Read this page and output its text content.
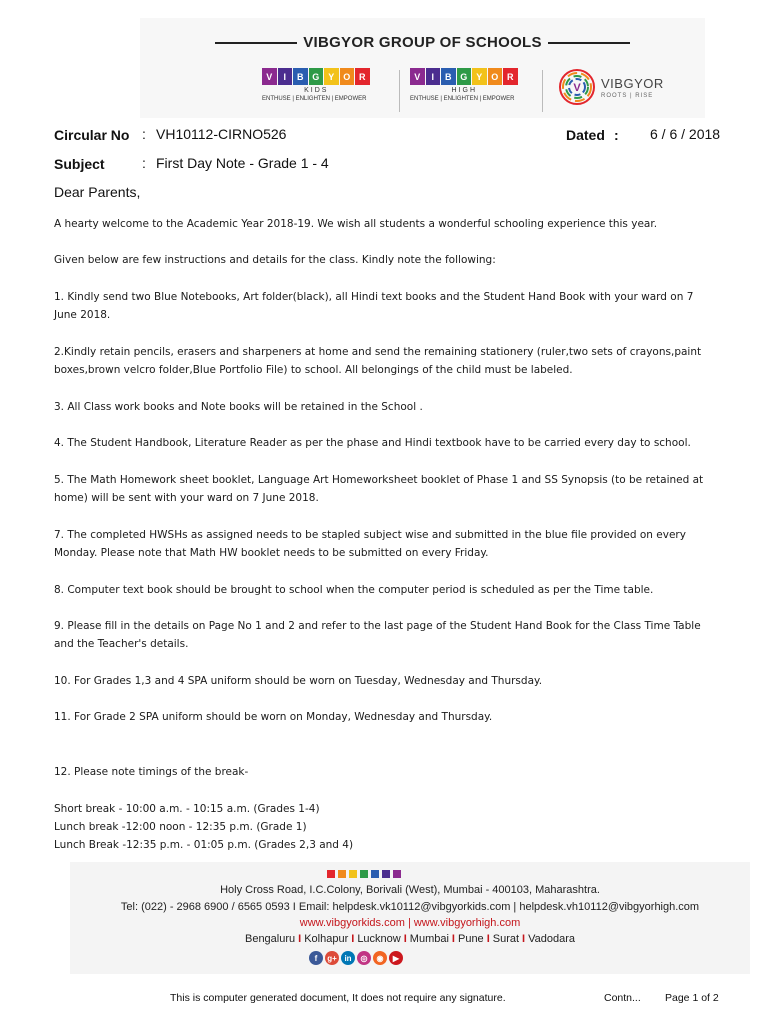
VIBGYOR GROUP OF SCHOOLS
V	I	B G Y O R
KIDS
ENTHUSE | ENLIGHTEN | EMPOWER
V	I	B G Y O R
HIGH
ENTHUSE | ENLIGHTEN | EMPOWER
V VIBGYOR
ROOTS | RISE
Circular No : VH10112-CIRNO526	Dated : 6 / 6 / 2018
Subject	: First Day Note - Grade 1 - 4
Dear Parents,

A hearty welcome to the Academic Year 2018-19. We wish all students a wonderful schooling experience this year.

Given below are few instructions and details for the class. Kindly note the following:

1. Kindly send two Blue Notebooks, Art folder(black), all Hindi text books and the Student Hand Book with your ward on 7 June 2018.

2.Kindly retain pencils, erasers and sharpeners at home and send the remaining stationery (ruler,two sets of crayons,paint boxes,brown velcro folder,Blue Portfolio File) to school. All belongings of the child must be labeled.

3. All Class work books and Note books will be retained in the School .

4. The Student Handbook, Literature Reader as per the phase and Hindi textbook have to be carried every day to school.

5. The Math Homework sheet booklet, Language Art Homeworksheet booklet of Phase 1 and SS Synopsis (to be retained at home) will be sent with your ward on 7 June 2018.

7. The completed HWSHs as assigned needs to be stapled subject wise and submitted in the blue file provided on every Monday. Please note that Math HW booklet needs to be submitted on every Friday.

8. Computer text book should be brought to school when the computer period is scheduled as per the Time table.

9. Please fill in the details on Page No 1 and 2 and refer to the last page of the Student Hand Book for the Class Time Table and the Teacher's details.

10. For Grades 1,3 and 4 SPA uniform should be worn on Tuesday, Wednesday and Thursday.

11. For Grade 2 SPA uniform should be worn on Monday, Wednesday and Thursday.

12. Please note timings of the break-

Short break - 10:00 a.m. - 10:15 a.m. (Grades 1-4)
Lunch break -12:00 noon - 12:35 p.m. (Grade 1)
Lunch Break -12:35 p.m. - 01:05 p.m. (Grades 2,3 and 4)
Holy Cross Road, I.C.Colony, Borivali (West), Mumbai - 400103, Maharashtra.
Tel: (022) - 2968 6900 / 6565 0593 I Email: helpdesk.vk10112@vibgyorkids.com | helpdesk.vh10112@vibgyorhigh.com
www.vibgyorkids.com | www.vibgyorhigh.com
Bengaluru I Kolhapur I Lucknow I Mumbai I Pune I Surat I Vadodara
f	g+ in	◎	◉	▶
This is computer generated document, It does not require any signature.	Contn... Page 1 of 2
